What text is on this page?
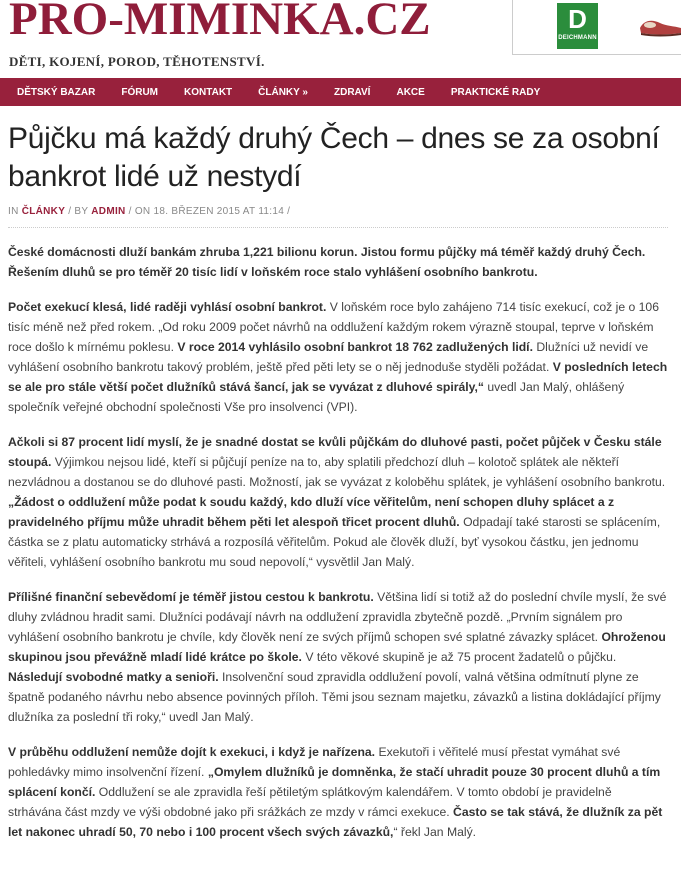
PRO-MIMINKA.CZ
DĚTI, KOJENÍ, POROD, TĚHOTENSTVÍ.
D
DEICHMANN
DĚTSKÝ BAZAR	FÓRUM	KONTAKT	ČLÁNKY »	ZDRAVÍ	AKCE	PRAKTICKÉ RADY
Půjčku má každý druhý Čech – dnes se za osobní bankrot lidé už nestydí
IN ČLÁNKY / BY ADMIN / ON 18. BŘEZEN 2015 AT 11:14 /

České domácnosti dluží bankám zhruba 1,221 bilionu korun. Jistou formu půjčky má téměř každý druhý Čech. Řešením dluhů se pro téměř 20 tisíc lidí v loňském roce stalo vyhlášení osobního bankrotu.

Počet exekucí klesá, lidé raději vyhlásí osobní bankrot. V loňském roce bylo zahájeno 714 tisíc exekucí, což je o 106 tisíc méně než před rokem. „Od roku 2009 počet návrhů na oddlužení každým rokem výrazně stoupal, teprve v loňském roce došlo k mírnému poklesu. V roce 2014 vyhlásilo osobní bankrot 18 762 zadlužených lidí. Dlužníci už nevidí ve vyhlášení osobního bankrotu takový problém, ještě před pěti lety se o něj jednoduše styděli požádat. V posledních letech se ale pro stále větší počet dlužníků stává šancí, jak se vyvázat z dluhové spirály,“ uvedl Jan Malý, ohlášený společník veřejné obchodní společnosti Vše pro insolvenci (VPI).

Ačkoli si 87 procent lidí myslí, že je snadné dostat se kvůli půjčkám do dluhové pasti, počet půjček v Česku stále stoupá. Výjimkou nejsou lidé, kteří si půjčují peníze na to, aby splatili předchozí dluh – kolotoč splátek ale někteří nezvládnou a dostanou se do dluhové pasti. Možností, jak se vyvázat z koloběhu splátek, je vyhlášení osobního bankrotu. „Žádost o oddlužení může podat k soudu každý, kdo dluží více věřitelům, není schopen dluhy splácet a z pravidelného příjmu může uhradit během pěti let alespoň třicet procent dluhů. Odpadají také starosti se splácením, částka se z platu automaticky strhává a rozposílá věřitelům. Pokud ale člověk dluží, byť vysokou částku, jen jednomu věřiteli, vyhlášení osobního bankrotu mu soud nepovolí,“ vysvětlil Jan Malý.

Přílišné finanční sebevědomí je téměř jistou cestou k bankrotu. Většina lidí si totiž až do poslední chvíle myslí, že své dluhy zvládnou hradit sami. Dlužníci podávají návrh na oddlužení zpravidla zbytečně pozdě. „Prvním signálem pro vyhlášení osobního bankrotu je chvíle, kdy člověk není ze svých příjmů schopen své splatné závazky splácet. Ohroženou skupinou jsou převážně mladí lidé krátce po škole. V této věkové skupině je až 75 procent žadatelů o půjčku. Následují svobodné matky a senioři. Insolvenční soud zpravidla oddlužení povolí, valná většina odmítnutí plyne ze špatně podaného návrhu nebo absence povinných příloh. Těmi jsou seznam majetku, závazků a listina dokládající příjmy dlužníka za poslední tři roky,“ uvedl Jan Malý.

V průběhu oddlužení nemůže dojít k exekuci, i když je nařízena. Exekutoři i věřitelé musí přestat vymáhat své pohledávky mimo insolvenční řízení. „Omylem dlužníků je domněnka, že stačí uhradit pouze 30 procent dluhů a tím splácení končí. Oddlužení se ale zpravidla řeší pětiletým splátkovým kalendářem. V tomto období je pravidelně strhávána část mzdy ve výši obdobné jako při srážkách ze mzdy v rámci exekuce. Často se tak stává, že dlužník za pět let nakonec uhradí 50, 70 nebo i 100 procent všech svých závazků,“ řekl Jan Malý.
